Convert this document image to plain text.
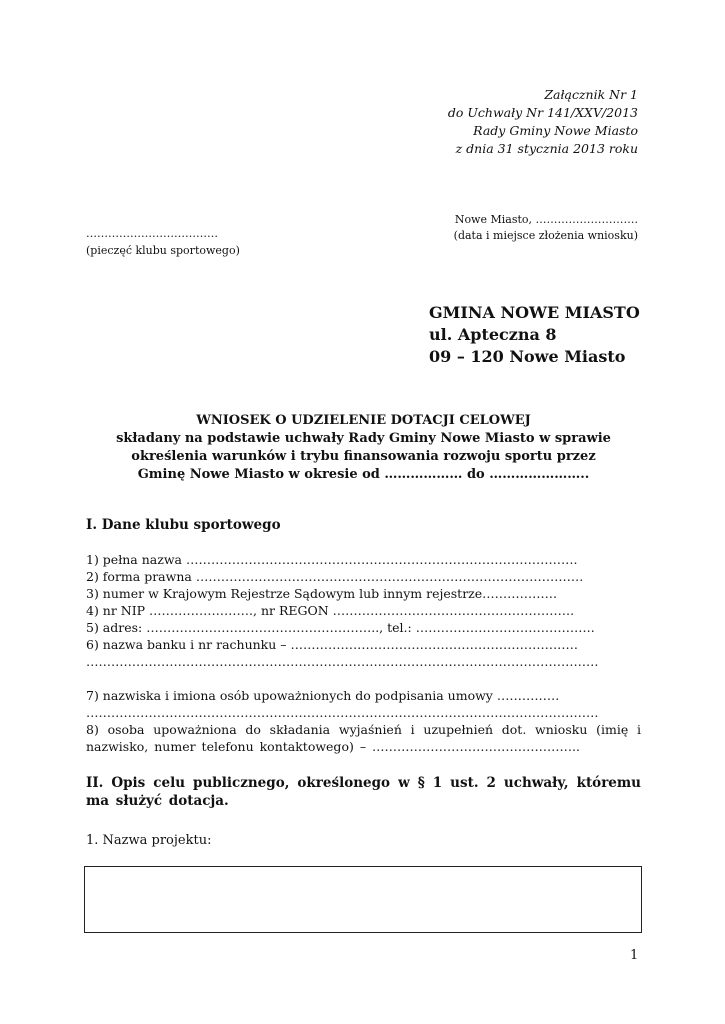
Załącznik Nr 1
do Uchwały Nr 141/XXV/2013
Rady Gminy Nowe Miasto
z dnia 31 stycznia 2013 roku
Nowe Miasto, ……………………….
(data i miejsce złożenia wniosku)
………………………………
(pieczęć klubu sportowego)
GMINA NOWE MIASTO
ul. Apteczna 8
09 – 120 Nowe Miasto
WNIOSEK O UDZIELENIE DOTACJI CELOWEJ
składany na podstawie uchwały Rady Gminy Nowe Miasto w sprawie
określenia warunków i trybu finansowania rozwoju sportu przez
Gminę Nowe Miasto w okresie od ……………… do …………………..
I. Dane klubu sportowego
1) pełna nazwa ………………………………………………………………………………….
2) forma prawna …………………………………………………………………………………
3) numer w Krajowym Rejestrze Sądowym lub innym rejestrze………………
4) nr NIP ……………………., nr REGON ………………………………………………….
5) adres: ……………………………………………….., tel.: …………………………………….
6) nazwa banku i nr rachunku – ……………………………………………………………
……………………………………………………………………………………………………………
7) nazwiska i imiona osób upoważnionych do podpisania umowy ……………
……………………………………………………………………………………………………………
8) osoba upoważniona do składania wyjaśnień i uzupełnień dot. wniosku (imię i nazwisko, numer telefonu kontaktowego) – …………………………………………..
II. Opis celu publicznego, określonego w § 1 ust. 2 uchwały, któremu ma służyć dotacja.
1. Nazwa projektu:
1
